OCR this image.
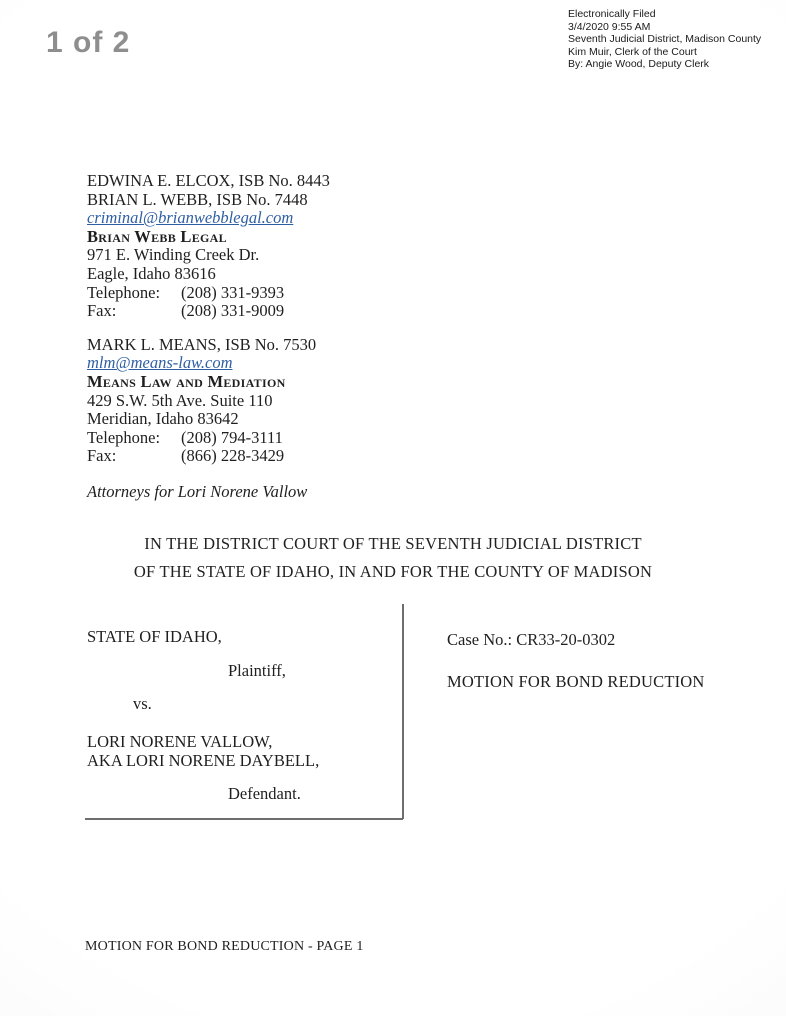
1 of 2
Electronically Filed
3/4/2020 9:55 AM
Seventh Judicial District, Madison County
Kim Muir, Clerk of the Court
By: Angie Wood, Deputy Clerk
EDWINA E. ELCOX, ISB No. 8443
BRIAN L. WEBB, ISB No. 7448
criminal@brianwebblegal.com
Brian Webb Legal
971 E. Winding Creek Dr.
Eagle, Idaho 83616
Telephone: (208) 331-9393
Fax:	(208) 331-9009
MARK L. MEANS, ISB No. 7530
mlm@means-law.com
Means Law and Mediation
429 S.W. 5th Ave. Suite 110
Meridian, Idaho 83642
Telephone: (208) 794-3111
Fax:	(866) 228-3429
Attorneys for Lori Norene Vallow
IN THE DISTRICT COURT OF THE SEVENTH JUDICIAL DISTRICT
OF THE STATE OF IDAHO, IN AND FOR THE COUNTY OF MADISON
STATE OF IDAHO,
Plaintiff,
vs.
LORI NORENE VALLOW,
AKA LORI NORENE DAYBELL,
Defendant.
Case No.: CR33-20-0302
MOTION FOR BOND REDUCTION
MOTION FOR BOND REDUCTION - PAGE 1
